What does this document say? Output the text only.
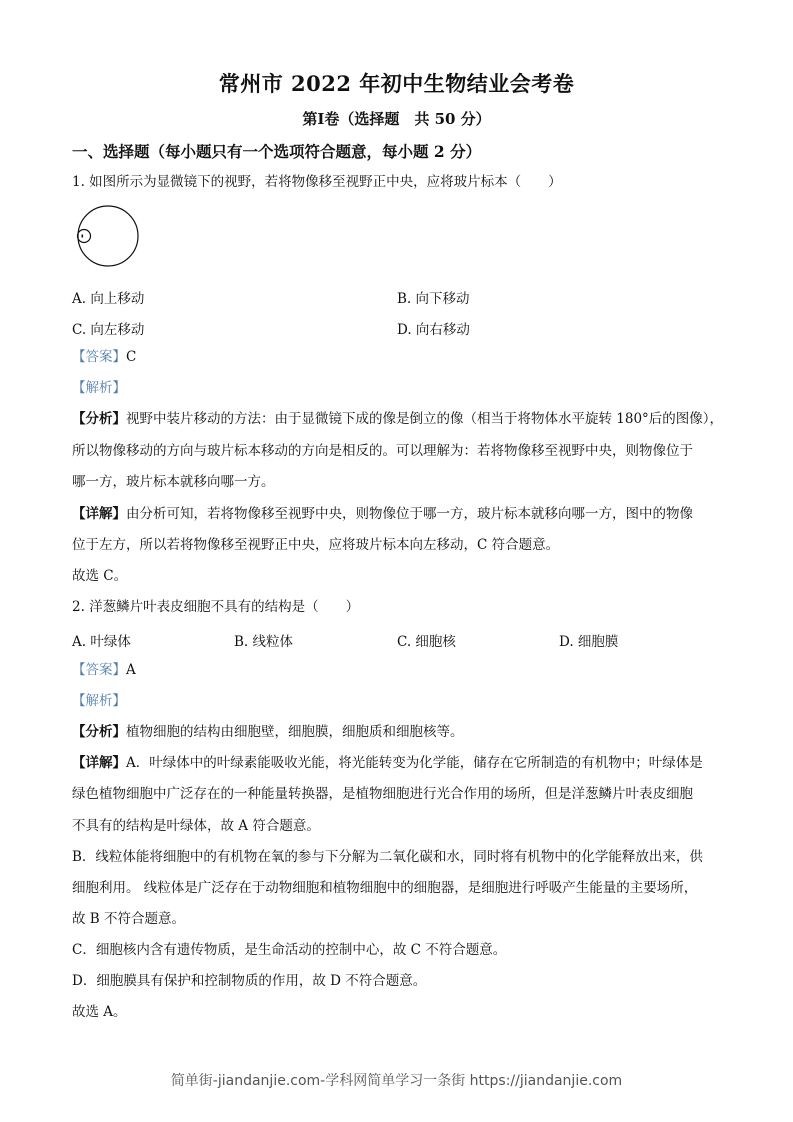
常州市 2022 年初中生物结业会考卷
第Ⅰ卷（选择题　共 50 分）
一、选择题（每小题只有一个选项符合题意，每小题 2 分）
1. 如图所示为显微镜下的视野，若将物像移至视野正中央，应将玻片标本（　　）
A. 向上移动	B. 向下移动
C. 向左移动	D. 向右移动
【答案】C
【解析】
【分析】视野中装片移动的方法：由于显微镜下成的像是倒立的像（相当于将物体水平旋转 180°后的图像），
所以物像移动的方向与玻片标本移动的方向是相反的。可以理解为：若将物像移至视野中央，则物像位于
哪一方，玻片标本就移向哪一方。
【详解】由分析可知，若将物像移至视野中央，则物像位于哪一方，玻片标本就移向哪一方，图中的物像
位于左方，所以若将物像移至视野正中央，应将玻片标本向左移动，C 符合题意。
故选 C。
2. 洋葱鳞片叶表皮细胞不具有的结构是（　　）
A. 叶绿体	B. 线粒体	C. 细胞核	D. 细胞膜
【答案】A
【解析】
【分析】植物细胞的结构由细胞壁，细胞膜，细胞质和细胞核等。
【详解】A．叶绿体中的叶绿素能吸收光能，将光能转变为化学能，储存在它所制造的有机物中；叶绿体是
绿色植物细胞中广泛存在的一种能量转换器，是植物细胞进行光合作用的场所，但是洋葱鳞片叶表皮细胞
不具有的结构是叶绿体，故 A 符合题意。
B．线粒体能将细胞中的有机物在氧的参与下分解为二氧化碳和水，同时将有机物中的化学能释放出来，供
细胞利用。 线粒体是广泛存在于动物细胞和植物细胞中的细胞器，是细胞进行呼吸产生能量的主要场所，
故 B 不符合题意。
C．细胞核内含有遗传物质，是生命活动的控制中心，故 C 不符合题意。
D．细胞膜具有保护和控制物质的作用，故 D 不符合题意。
故选 A。
简单街-jiandanjie.com-学科网简单学习一条街 https://jiandanjie.com
